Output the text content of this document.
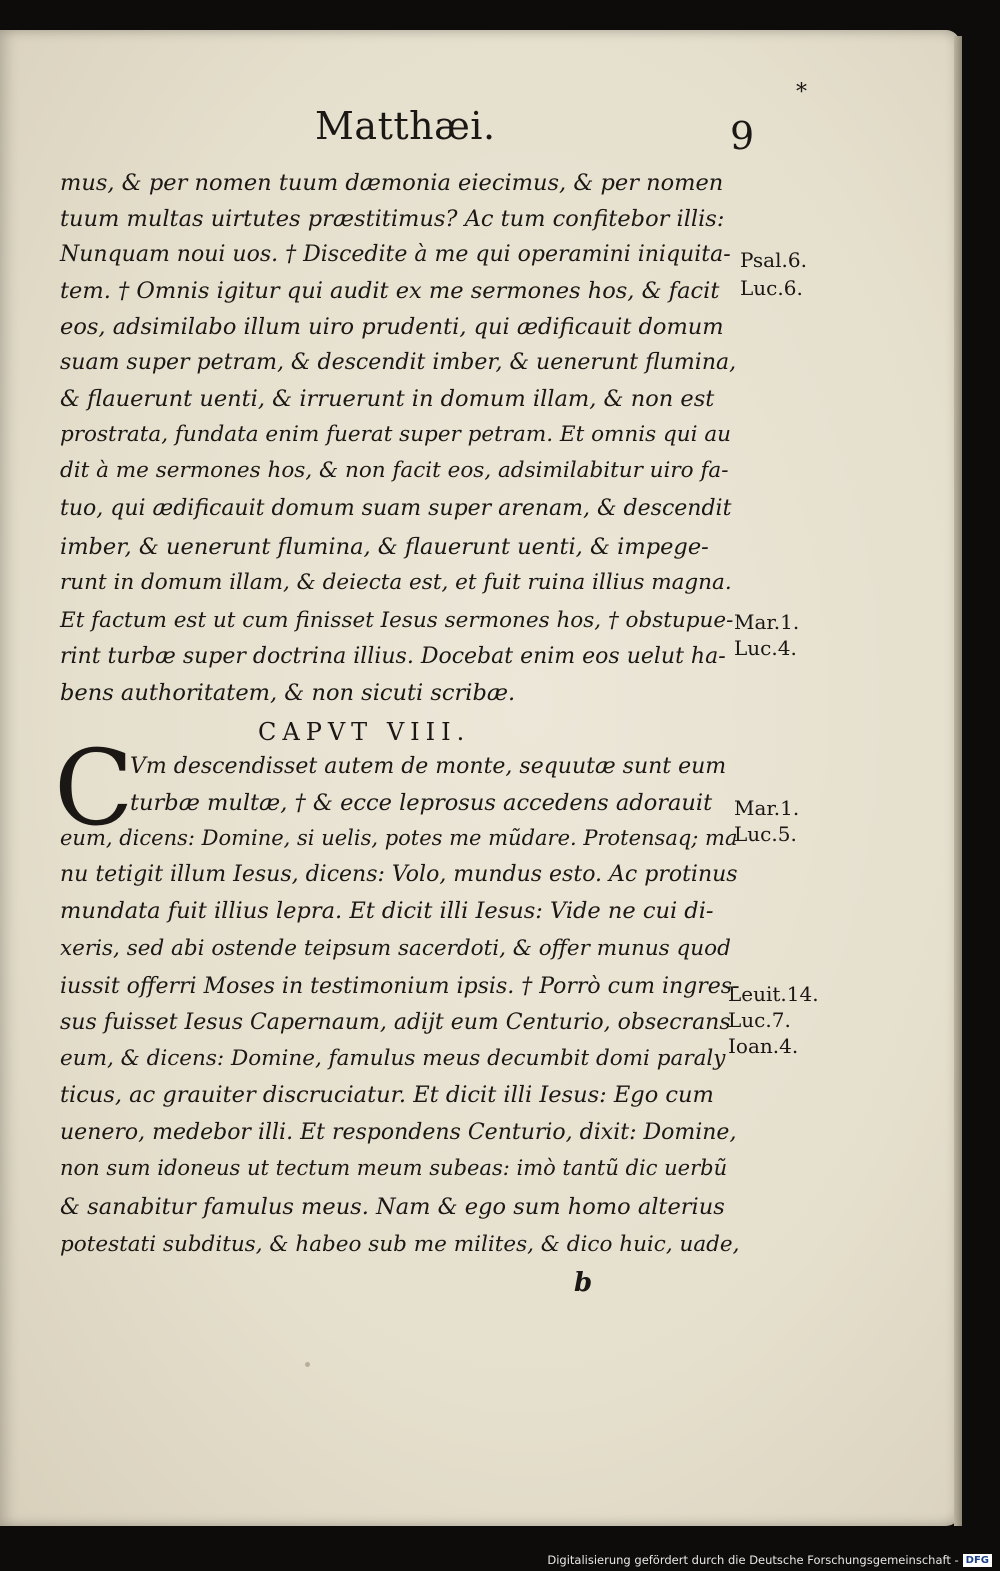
*
Matthæi.	9
mus, & per nomen tuum dæmonia eiecimus, & per nomen
tuum multas uirtutes præstitimus? Ac tum confitebor illis:
Nunquam noui uos. † Discedite à me qui operamini iniquita-
tem. † Omnis igitur qui audit ex me sermones hos, & facit
eos, adsimilabo illum uiro prudenti, qui ædificauit domum
suam super petram, & descendit imber, & uenerunt flumina,
& flauerunt uenti, & irruerunt in domum illam, & non est
prostrata, fundata enim fuerat super petram. Et omnis qui au
dit à me sermones hos, & non facit eos, adsimilabitur uiro fa-
tuo, qui ædificauit domum suam super arenam, & descendit
imber, & uenerunt flumina, & flauerunt uenti, & impege-
runt in domum illam, & deiecta est, et fuit ruina illius magna.
Et factum est ut cum finisset Iesus sermones hos, † obstupue-
rint turbæ super doctrina illius. Docebat enim eos uelut ha-
bens authoritatem, & non sicuti scribæ.
CAPVT VIII.
C
Vm descendisset autem de monte, sequutæ sunt eum
turbæ multæ, † & ecce leprosus accedens adorauit
eum, dicens: Domine, si uelis, potes me mũdare. Protensaq; ma
nu tetigit illum Iesus, dicens: Volo, mundus esto. Ac protinus
mundata fuit illius lepra. Et dicit illi Iesus: Vide ne cui di-
xeris, sed abi ostende teipsum sacerdoti, & offer munus quod
iussit offerri Moses in testimonium ipsis. † Porrò cum ingres-
sus fuisset Iesus Capernaum, adijt eum Centurio, obsecrans
eum, & dicens: Domine, famulus meus decumbit domi paraly
ticus, ac grauiter discruciatur. Et dicit illi Iesus: Ego cum
uenero, medebor illi. Et respondens Centurio, dixit: Domine,
non sum idoneus ut tectum meum subeas: imò tantũ dic uerbũ
& sanabitur famulus meus. Nam & ego sum homo alterius
potestati subditus, & habeo sub me milites, & dico huic, uade,
Psal.6.
Luc.6.
Mar.1.
Luc.4.
Mar.1.
Luc.5.
Leuit.14.
Luc.7.
Ioan.4.
b
Digitalisierung gefördert durch die Deutsche Forschungsgemeinschaft - DFG
